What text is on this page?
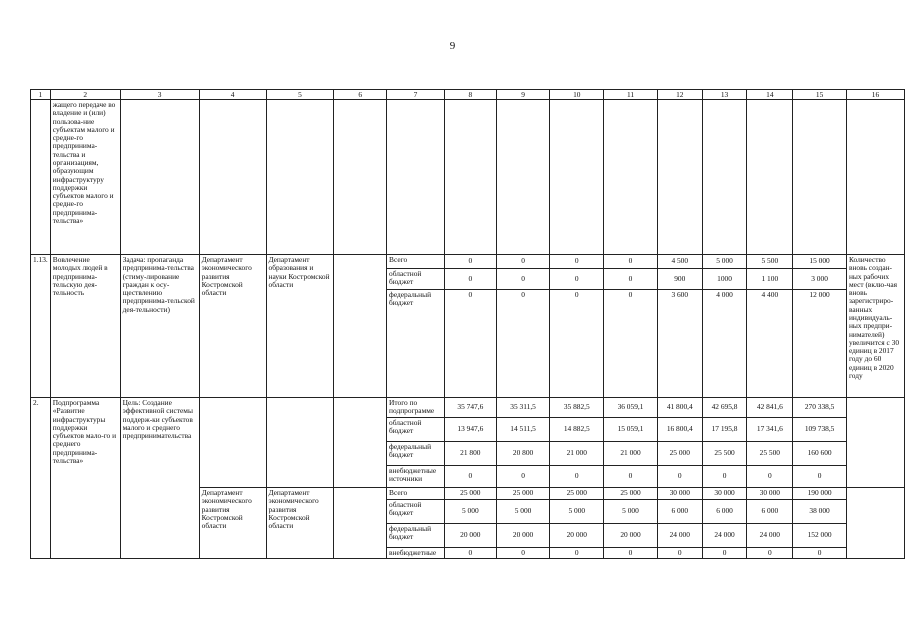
9
1	2	3	4	5	6	7	8	9	10	11	12	13	14	15	16
	жащего передаче во владение и (или) пользова-ние субъектам малого и средне-го предпринима-тельства и организациям, образующим инфраструктуру поддержки субъектов малого и средне-го предпринима-тельства»														
1.13.	Вовлечение молодых людей в предпринима-тельскую дея-тельность	Задача: пропаганда предпринима-тельства (стиму-лирование граждан к осу-ществлению предпринима-тельской дея-тельности)	Департамент экономического развития Костромской области	Департамент образования и науки Костромской области		Всего	0	0	0	0	4 500	5 000	5 500	15 000	Количество вновь создан-ных рабочих мест (вклю-чая вновь зарегистриро-ванных индивидуаль-ных предпри-нимателей) увеличится с 30 единиц в 2017 году до 60 единиц в 2020 году
						областной бюджет	0	0	0	0	900	1000	1 100	3 000	
						федеральный бюджет	0	0	0	0	3 600	4 000	4 400	12 000	
2.	Подпрограмма «Развитие инфраструктуры поддержки субъектов мало-го и среднего предпринима-тельства»	Цель: Создание эффективной системы поддерж-ки субъектов малого и среднего предпринимательства				Итого по подпрограмме	35 747,6	35 311,5	35 882,5	36 059,1	41 800,4	42 695,8	42 841,6	270 338,5	
						областной бюджет	13 947,6	14 511,5	14 882,5	15 059,1	16 800,4	17 195,8	17 341,6	109 738,5	
						федеральный бюджет	21 800	20 800	21 000	21 000	25 000	25 500	25 500	160 600	
						внебюджетные источники	0	0	0	0	0	0	0	0	
			Департамент экономического развития Костромской области	Департамент экономического развития Костромской области		Всего	25 000	25 000	25 000	25 000	30 000	30 000	30 000	190 000	
						областной бюджет	5 000	5 000	5 000	5 000	6 000	6 000	6 000	38 000	
						федеральный бюджет	20 000	20 000	20 000	20 000	24 000	24 000	24 000	152 000	
						внебюджетные	0	0	0	0	0	0	0	0	
